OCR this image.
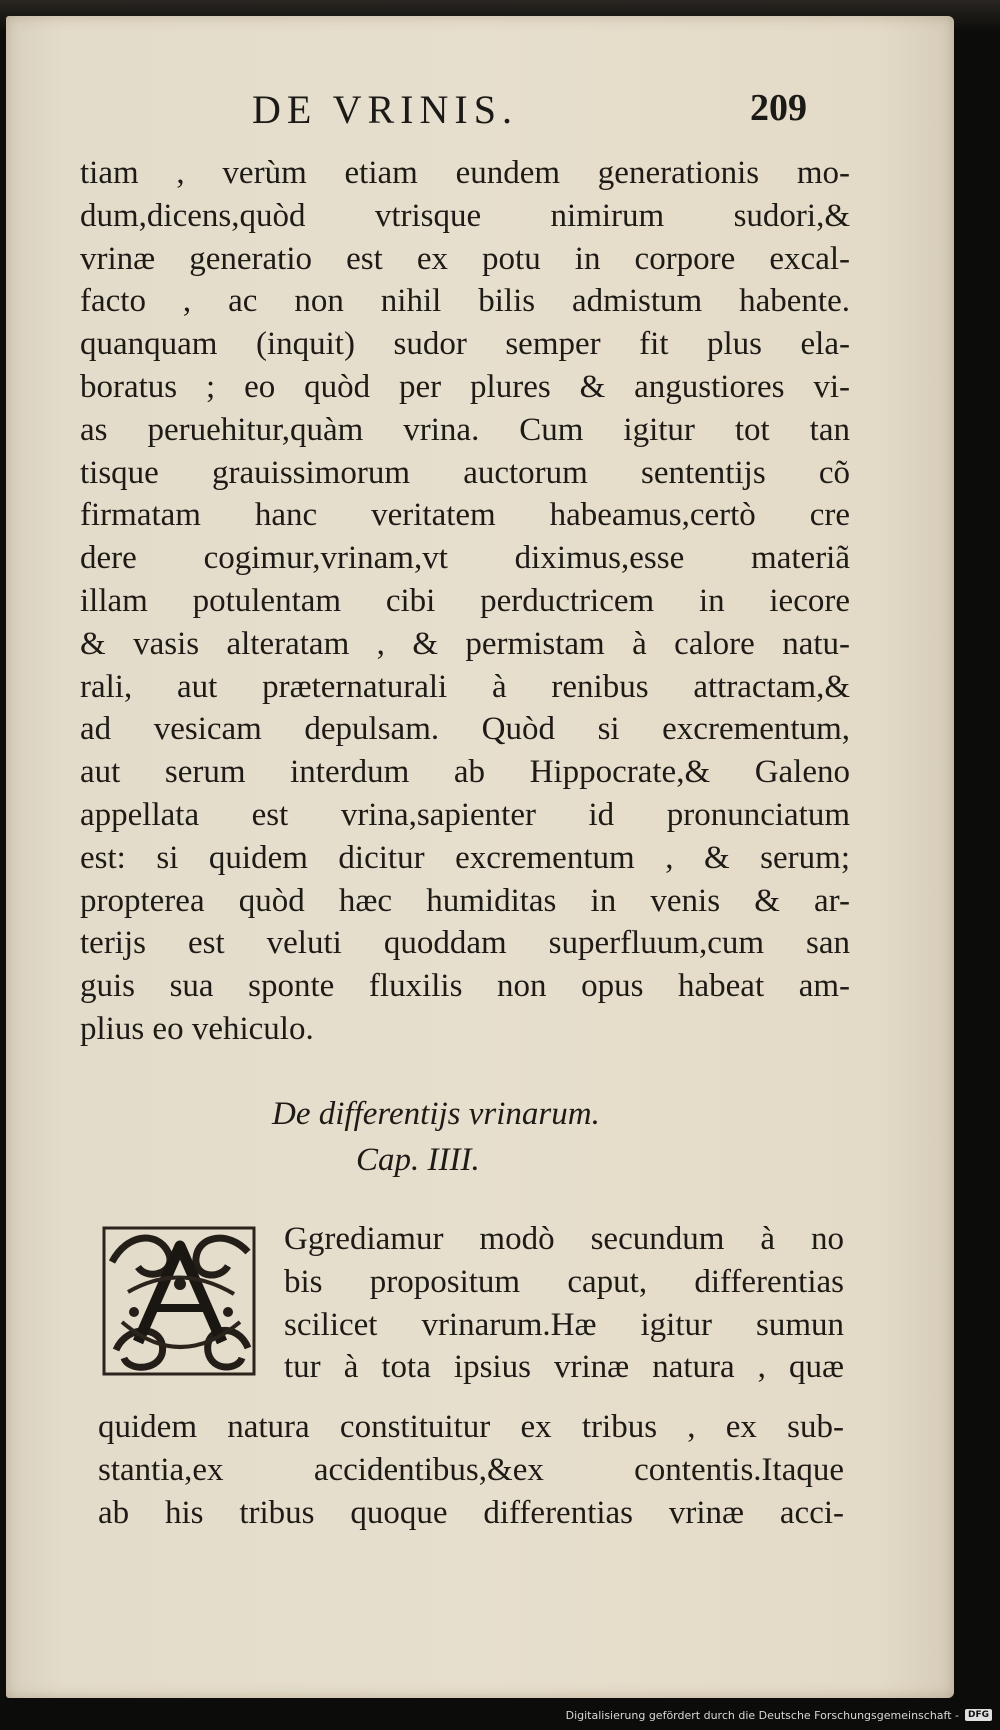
DE VRINIS.	209
tiam , verùm etiam eundem generationis mo-
dum,dicens,quòd vtrisque nimirum sudori,&
vrinæ generatio est ex potu in corpore excal-
facto , ac non nihil bilis admistum habente.
quanquam (inquit) sudor semper fit plus ela-
boratus ; eo quòd per plures & angustiores vi-
as peruehitur,quàm vrina. Cum igitur tot tan
tisque grauissimorum auctorum sententijs cõ
firmatam hanc veritatem habeamus,certò cre
dere cogimur,vrinam,vt diximus,esse materiã
illam potulentam cibi perductricem in iecore
& vasis alteratam , & permistam à calore natu-
rali, aut præternaturali à renibus attractam,&
ad vesicam depulsam. Quòd si excrementum,
aut serum interdum ab Hippocrate,& Galeno
appellata est vrina,sapienter id pronunciatum
est: si quidem dicitur excrementum , & serum;
propterea quòd hæc humiditas in venis & ar-
terijs est veluti quoddam superfluum,cum san
guis sua sponte fluxilis non opus habeat am-
plius eo vehiculo.
De differentijs vrinarum.
Cap. IIII.
Ggrediamur modò secundum à no
bis propositum caput, differentias
scilicet vrinarum.Hæ igitur sumun
tur à tota ipsius vrinæ natura , quæ
quidem natura constituitur ex tribus , ex sub-
stantia,ex accidentibus,&ex contentis.Itaque
ab his tribus quoque differentias vrinæ acci-
Digitalisierung gefördert durch die Deutsche Forschungsgemeinschaft -	DFG
